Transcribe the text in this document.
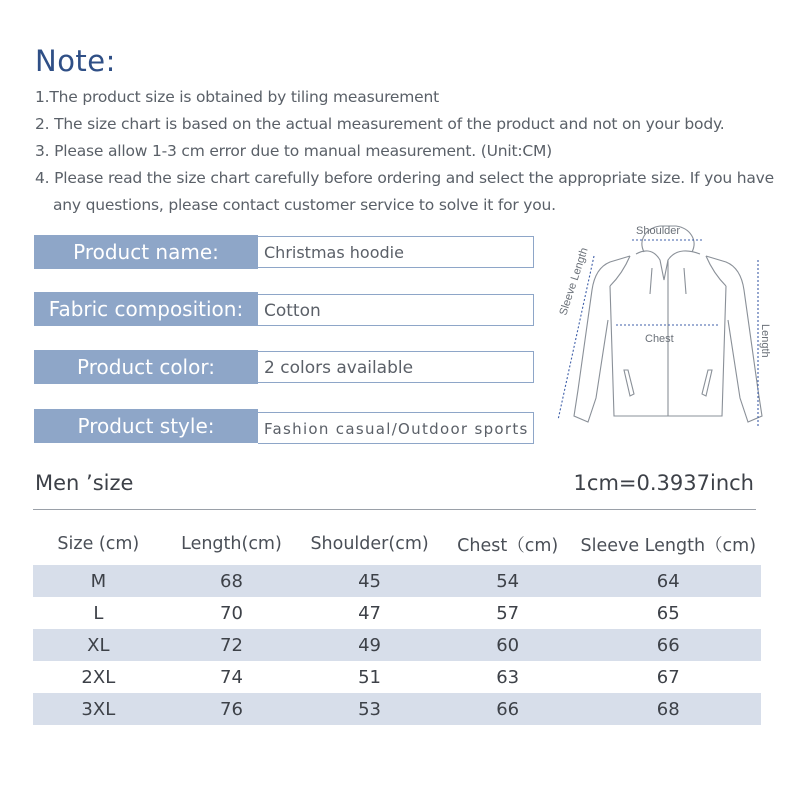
Note:
1.The product size is obtained by tiling measurement
2. The size chart is based on the actual measurement of the product and not on your body.
3. Please allow 1-3 cm error due to manual measurement. (Unit:CM)
4. Please read the size chart carefully before ordering and select the appropriate size. If you have
any questions, please contact customer service to solve it for you.
Product name:	Christmas hoodie
Fabric composition:	Cotton
Product color:	2 colors available
Product style:	Fashion casual/Outdoor sports
Shoulder
Chest	Length
Sleeve Length
Men ’size	1cm=0.3937inch
Size (cm)	Length(cm)	Shoulder(cm)	Chest（cm)	Sleeve Length（cm)
M	68	45	54	64
L	70	47	57	65
XL	72	49	60	66
2XL	74	51	63	67
3XL	76	53	66	68
